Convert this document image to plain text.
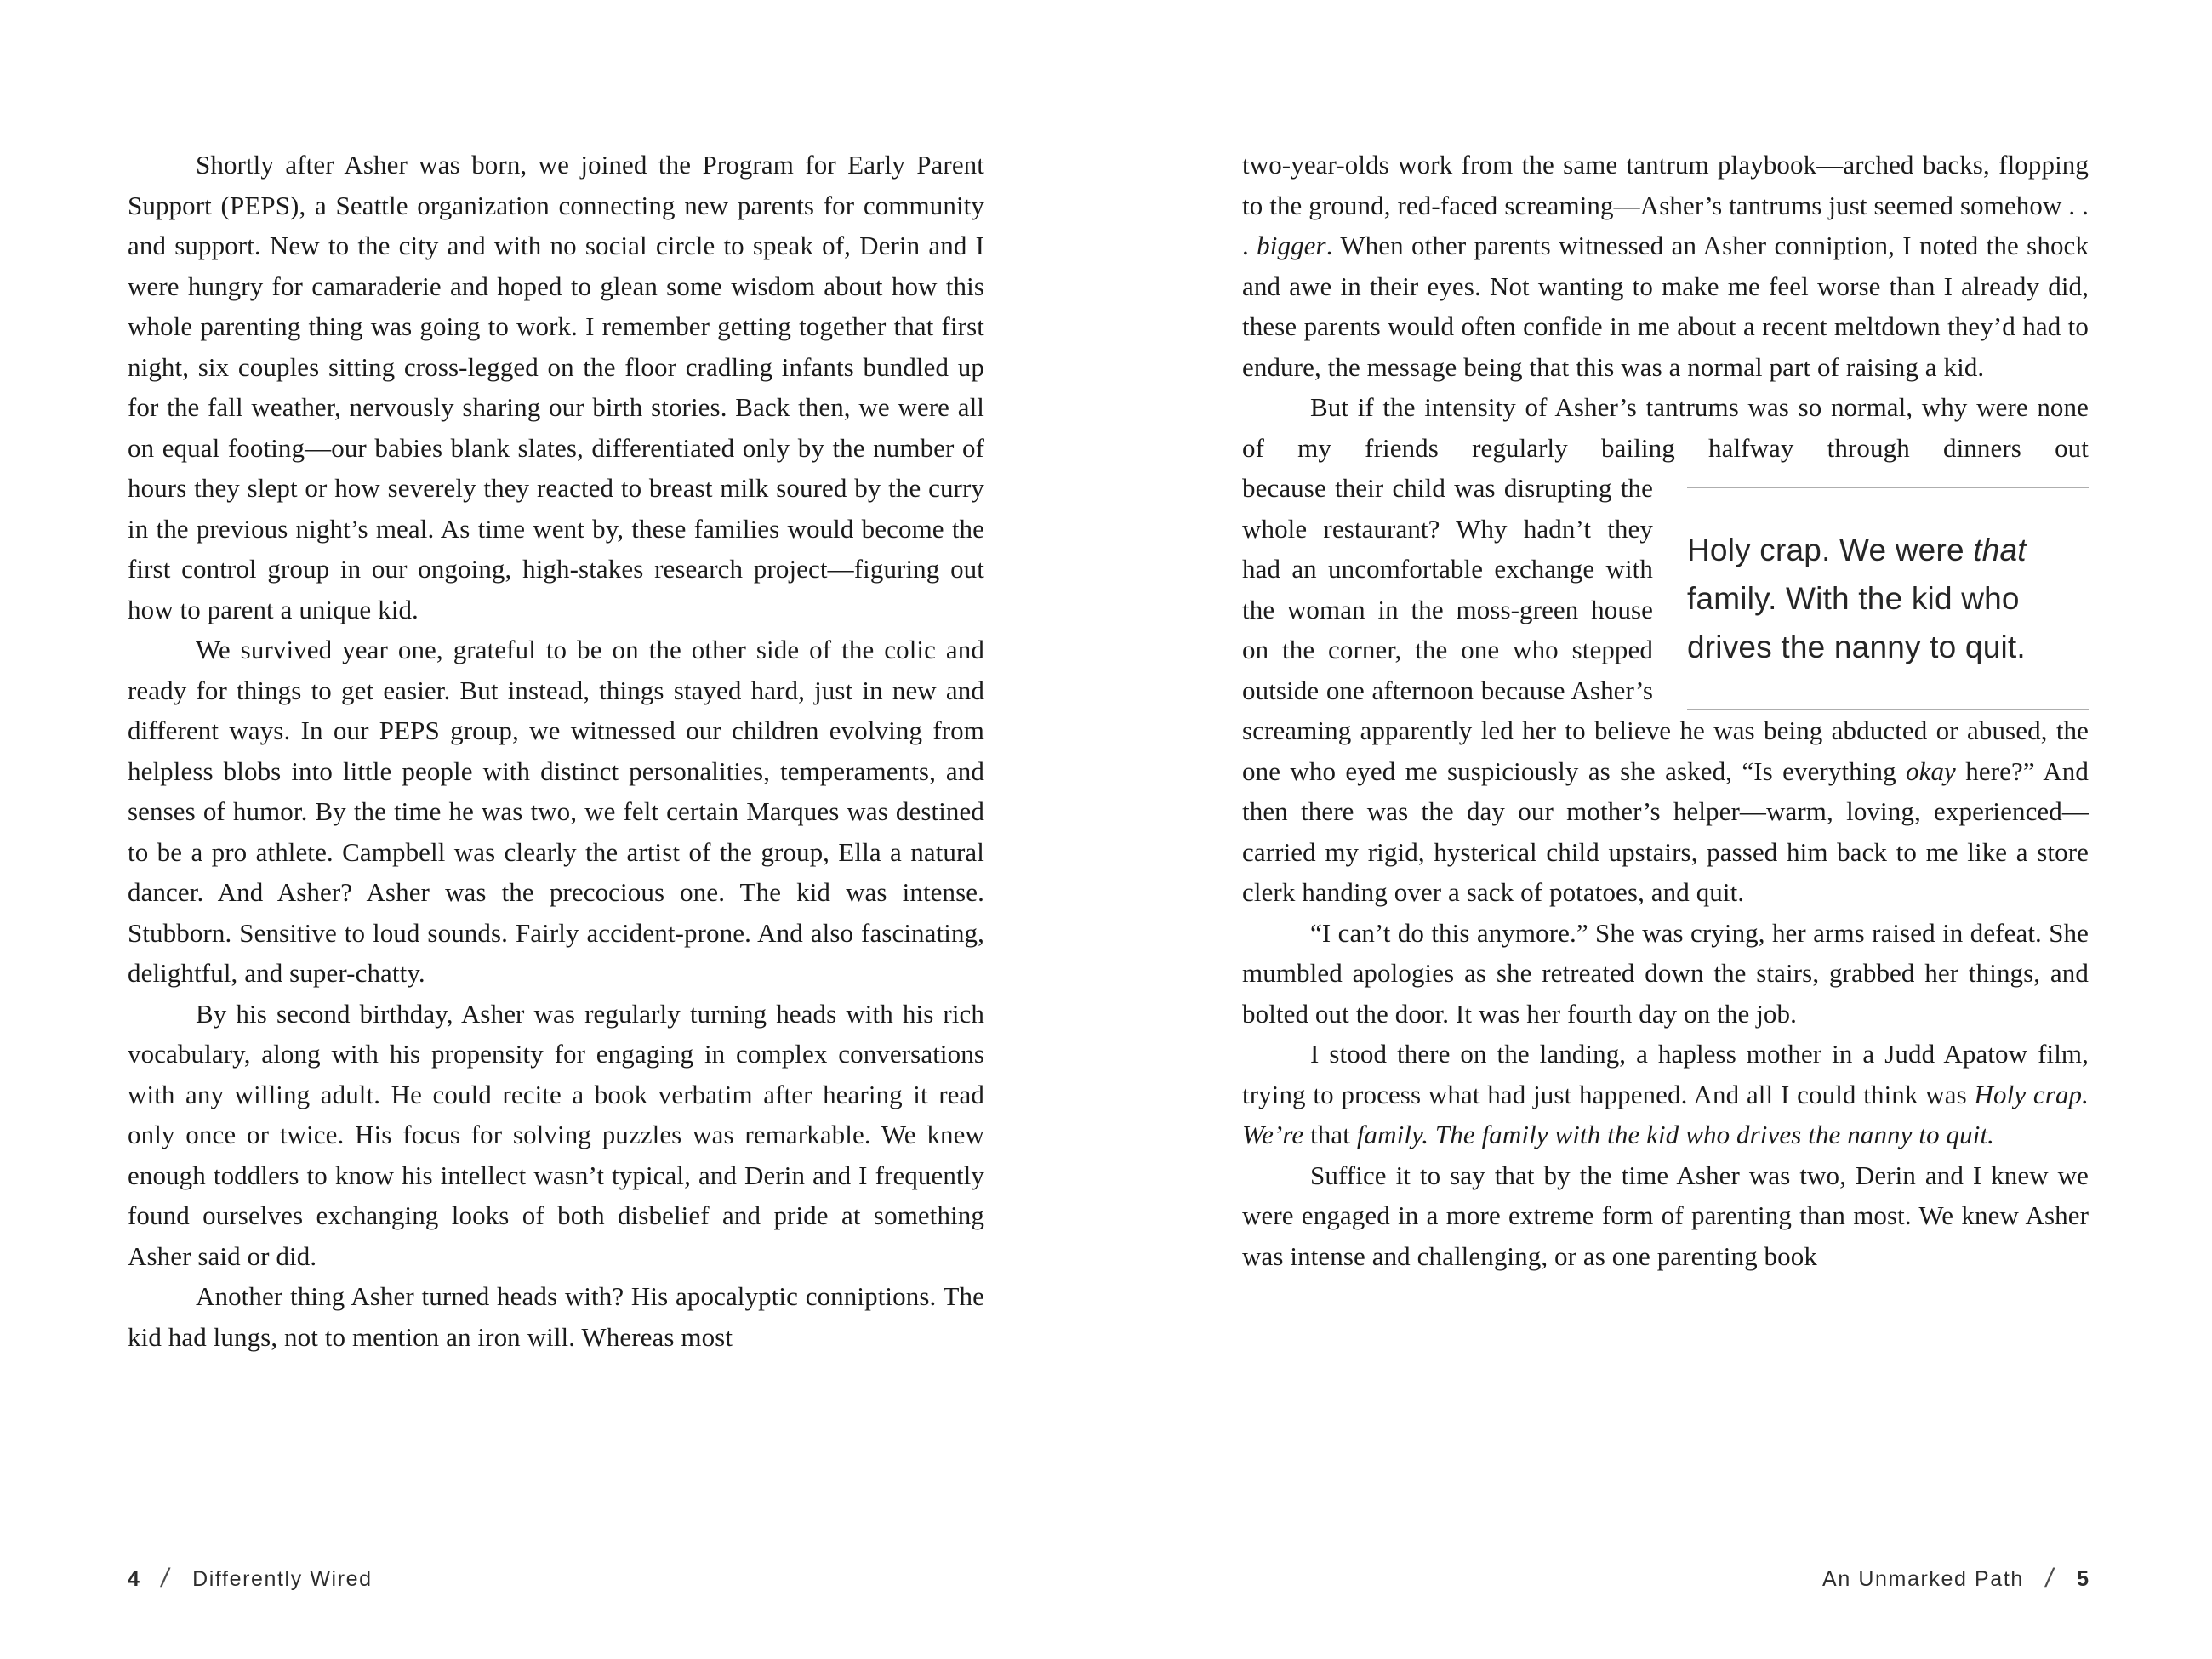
Shortly after Asher was born, we joined the Program for Early Parent Support (PEPS), a Seattle organization connecting new parents for community and support. New to the city and with no social circle to speak of, Derin and I were hungry for camaraderie and hoped to glean some wisdom about how this whole parenting thing was going to work. I remember getting together that first night, six couples sitting cross-legged on the floor cradling infants bundled up for the fall weather, nervously sharing our birth stories. Back then, we were all on equal footing—our babies blank slates, differentiated only by the number of hours they slept or how severely they reacted to breast milk soured by the curry in the previous night’s meal. As time went by, these families would become the first control group in our ongoing, high-stakes research project—figuring out how to parent a unique kid.

We survived year one, grateful to be on the other side of the colic and ready for things to get easier. But instead, things stayed hard, just in new and different ways. In our PEPS group, we witnessed our children evolving from helpless blobs into little people with distinct personalities, temperaments, and senses of humor. By the time he was two, we felt certain Marques was destined to be a pro athlete. Campbell was clearly the artist of the group, Ella a natural dancer. And Asher? Asher was the precocious one. The kid was intense. Stubborn. Sensitive to loud sounds. Fairly accident-prone. And also fascinating, delightful, and super-chatty.

By his second birthday, Asher was regularly turning heads with his rich vocabulary, along with his propensity for engaging in complex conversations with any willing adult. He could recite a book verbatim after hearing it read only once or twice. His focus for solving puzzles was remarkable. We knew enough toddlers to know his intellect wasn’t typical, and Derin and I frequently found ourselves exchanging looks of both disbelief and pride at something Asher said or did.

Another thing Asher turned heads with? His apocalyptic conniptions. The kid had lungs, not to mention an iron will. Whereas most

two-year-olds work from the same tantrum playbook—arched backs, flopping to the ground, red-faced screaming—Asher’s tantrums just seemed somehow . . . bigger. When other parents witnessed an Asher conniption, I noted the shock and awe in their eyes. Not wanting to make me feel worse than I already did, these parents would often confide in me about a recent meltdown they’d had to endure, the message being that this was a normal part of raising a kid.

But if the intensity of Asher’s tantrums was so normal, why were none of my friends regularly bailing halfway through dinners out

Holy crap. We were that family. With the kid who drives the nanny to quit.
because their child was disrupting the whole restaurant? Why hadn’t they had an uncomfortable exchange with the woman in the moss-green house on the corner, the one who stepped outside one afternoon because Asher’s screaming apparently led her to believe he was being abducted or abused, the one who eyed me suspiciously as she asked, “Is everything okay here?” And then there was the day our mother’s helper—warm, loving, experienced—carried my rigid, hysterical child upstairs, passed him back to me like a store clerk handing over a sack of potatoes, and quit.

“I can’t do this anymore.” She was crying, her arms raised in defeat. She mumbled apologies as she retreated down the stairs, grabbed her things, and bolted out the door. It was her fourth day on the job.

I stood there on the landing, a hapless mother in a Judd Apatow film, trying to process what had just happened. And all I could think was Holy crap. We’re that family. The family with the kid who drives the nanny to quit.

Suffice it to say that by the time Asher was two, Derin and I knew we were engaged in a more extreme form of parenting than most. We knew Asher was intense and challenging, or as one parenting book

4 / Differently Wired	An Unmarked Path / 5
